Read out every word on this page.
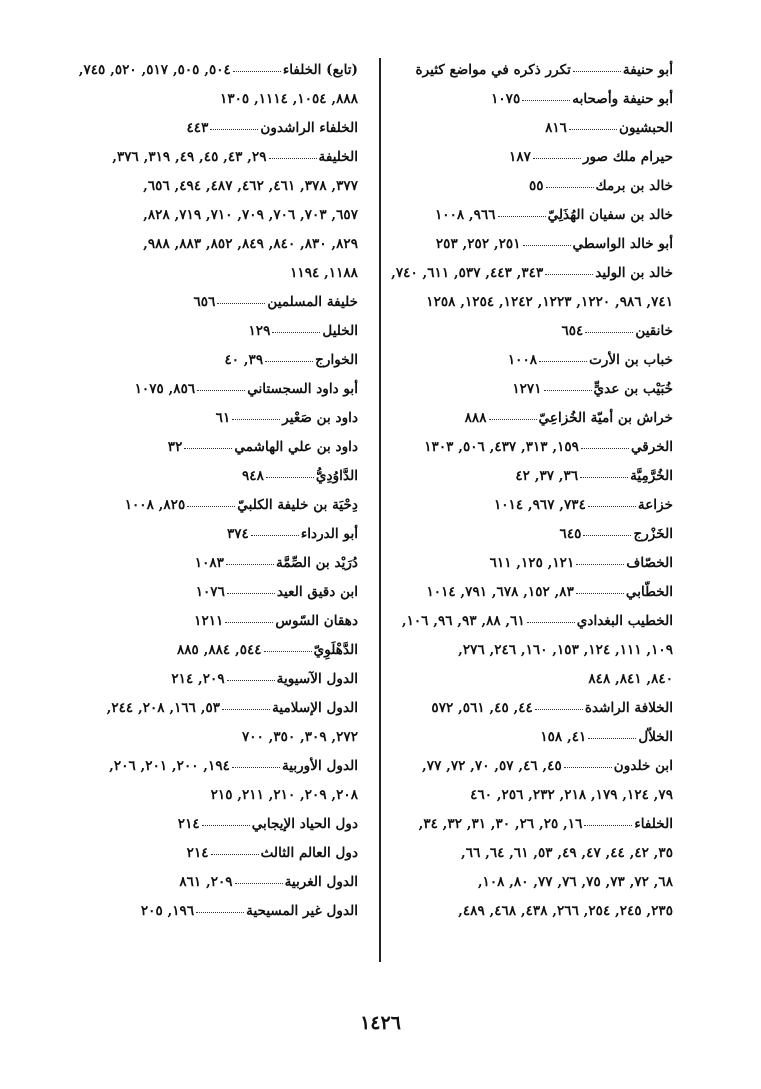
أبو حنيفةتكرر ذكره في مواضع كثيرة
أبو حنيفة وأصحابه١٠٧٥
الحبشيون٨١٦
حيرام ملك صور١٨٧
خالد بن برمك٥٥
خالد بن سفيان الهُذَلِيّ٩٦٦, ١٠٠٨
أبو خالد الواسطي٢٥١, ٢٥٢, ٢٥٣
خالد بن الوليد٣٤٣, ٤٤٣, ٥٣٧, ٦١١, ٧٤٠,
٧٤١, ٩٨٦, ١٢٢٠, ١٢٢٣, ١٢٤٢, ١٢٥٤, ١٢٥٨
خانقين٦٥٤
خباب بن الأرت١٠٠٨
خُبَيْب بن عديٍّ١٢٧١
خراش بن أميّة الخُزاعِيّ٨٨٨
الخرقي١٥٩, ٣١٣, ٤٣٧, ٥٠٦, ١٣٠٣
الخُرَّمِيَّة٣٦, ٣٧, ٤٢
خزاعة٧٣٤, ٩٦٧, ١٠١٤
الخَزْرج٦٤٥
الخصّاف١٢١, ١٢٥, ٦١١
الخطّابي٨٣, ١٥٢, ٦٧٨, ٧٩١, ١٠١٤
الخطيب البغدادي٦١, ٨٨, ٩٣, ٩٦, ١٠٦,
١٠٩, ١١١, ١٢٤, ١٥٣, ١٦٠, ٢٤٦, ٢٧٦,
٨٤٠, ٨٤١, ٨٤٨
الخلافة الراشدة٤٤, ٤٥, ٥٦١, ٥٧٢
الخلاّل٤١, ١٥٨
ابن خلدون٤٥, ٤٦, ٥٧, ٧٠, ٧٢, ٧٧,
٧٩, ١٢٤, ١٧٩, ٢١٨, ٢٣٢, ٢٥٦, ٤٦٠
الخلفاء١٦, ٢٥, ٢٦, ٣٠, ٣١, ٣٢, ٣٤,
٣٥, ٤٢, ٤٤, ٤٧, ٤٩, ٥٣, ٦١, ٦٤, ٦٦,
٦٨, ٧٢, ٧٣, ٧٥, ٧٦, ٧٧, ٨٠, ١٠٨,
٢٣٥, ٢٤٥, ٢٥٤, ٢٦٦, ٤٣٨, ٤٦٨, ٤٨٩,
(تابع) الخلفاء٥٠٤, ٥٠٥, ٥١٧, ٥٢٠, ٧٤٥,
٨٨٨, ١٠٥٤, ١١١٤, ١٣٠٥
الخلفاء الراشدون٤٤٣
الخليفة٢٩, ٤٣, ٤٥, ٤٩, ٣١٩, ٣٧٦,
٣٧٧, ٣٧٨, ٤٦١, ٤٦٢, ٤٨٧, ٤٩٤, ٦٥٦,
٦٥٧, ٧٠٣, ٧٠٦, ٧٠٩, ٧١٠, ٧١٩, ٨٢٨,
٨٢٩, ٨٣٠, ٨٤٠, ٨٤٩, ٨٥٢, ٨٨٣, ٩٨٨,
١١٨٨, ١١٩٤
خليفة المسلمين٦٥٦
الخليل١٢٩
الخوارج٣٩, ٤٠
أبو داود السجستاني٨٥٦, ١٠٧٥
داود بن صَعْير٦١
داود بن علي الهاشمي٣٢
الدَّاوُدِيُّ٩٤٨
دِحْيَة بن خليفة الكلبيّ٨٢٥, ١٠٠٨
أبو الدرداء٣٧٤
دُرَيْد بن الصِّمَّة١٠٨٣
ابن دقيق العيد١٠٧٦
دهقان السّوس١٢١١
الدَّهْلَوِيّ٥٤٤, ٨٨٤, ٨٨٥
الدول الآسيوية٢٠٩, ٢١٤
الدول الإسلامية٥٣, ١٦٦, ٢٠٨, ٢٤٤,
٢٧٢, ٣٠٩, ٣٥٠, ٧٠٠
الدول الأوربية١٩٤, ٢٠٠, ٢٠١, ٢٠٦,
٢٠٨, ٢٠٩, ٢١٠, ٢١١, ٢١٥
دول الحياد الإيجابي٢١٤
دول العالم الثالث٢١٤
الدول الغربية٢٠٩, ٨٦١
الدول غير المسيحية١٩٦, ٢٠٥
١٤٢٦
